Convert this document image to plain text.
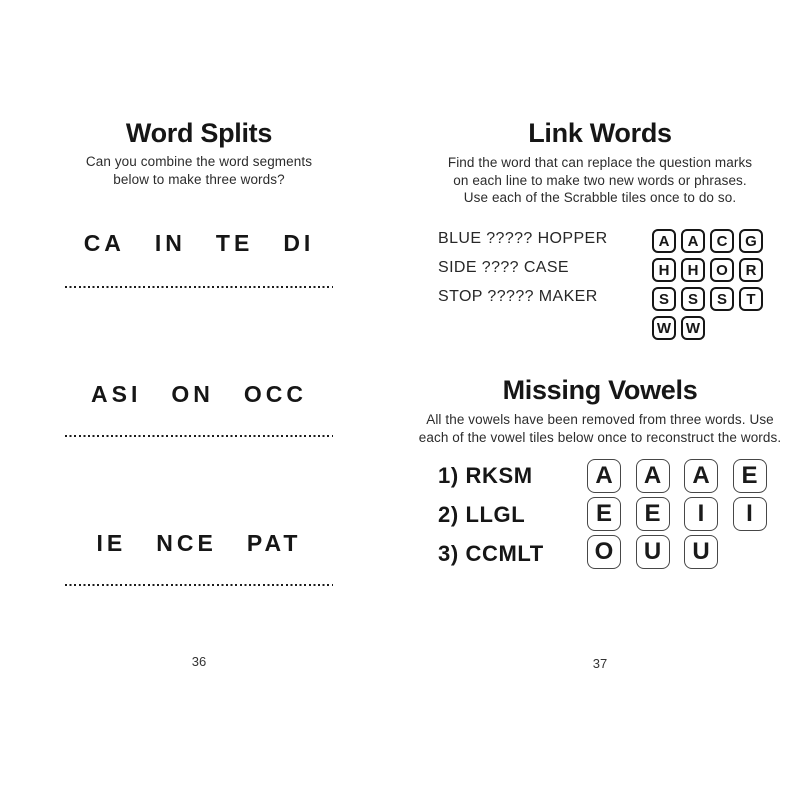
Word Splits
Can you combine the word segments
below to make three words?
CA IN TE DI
ASI ON OCC
IE NCE PAT
36
Link Words
Find the word that can replace the question marks
on each line to make two new words or phrases.
Use each of the Scrabble tiles once to do so.
BLUE ????? HOPPER
SIDE ???? CASE
STOP ????? MAKER
A	A	C	G
H	H	O	R
S	S	S	T
W W
Missing Vowels
All the vowels have been removed from three words. Use
each of the vowel tiles below once to reconstruct the words.
1) RKSM
2) LLGL
3) CCMLT
A	A	A	E
E	E	I	I
O	U	U
37
